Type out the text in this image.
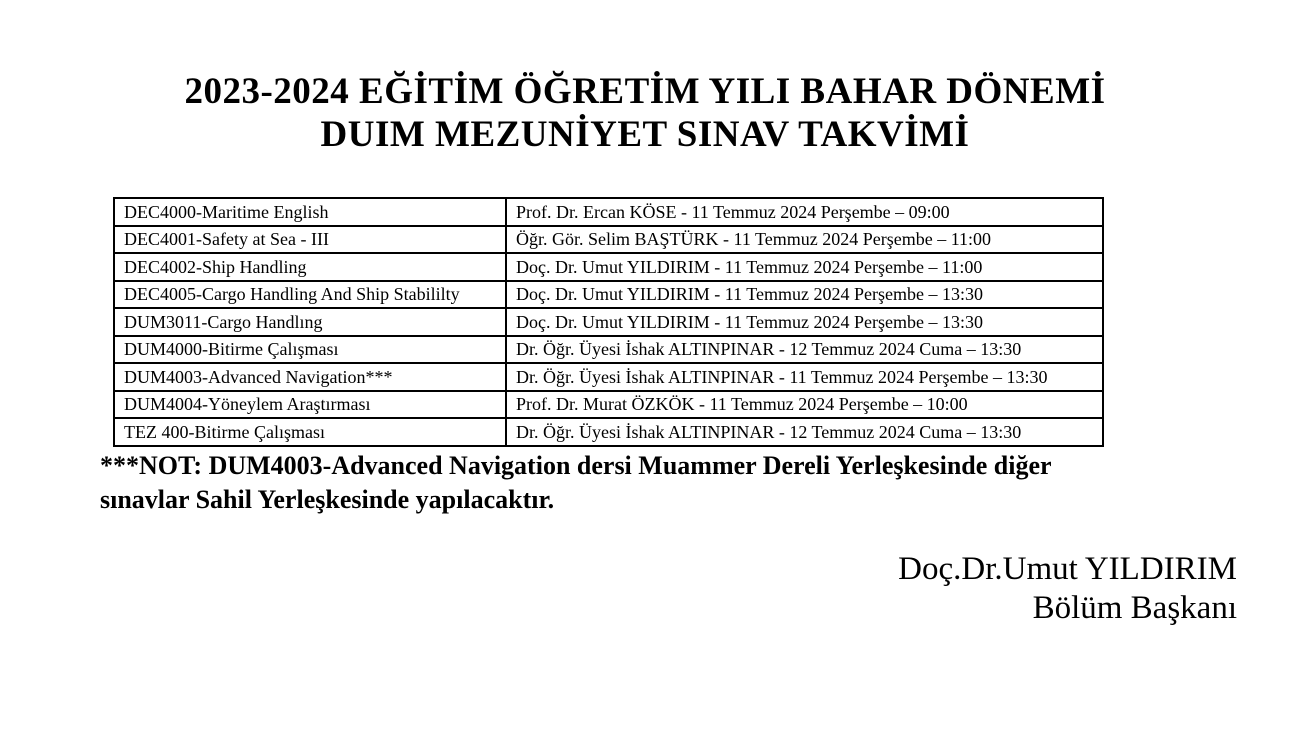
2023-2024 EĞİTİM ÖĞRETİM YILI BAHAR DÖNEMİ
DUIM MEZUNİYET SINAV TAKVİMİ
DEC4000-Maritime English	Prof. Dr. Ercan KÖSE - 11 Temmuz 2024 Perşembe – 09:00
DEC4001-Safety at Sea - III	Öğr. Gör. Selim BAŞTÜRK - 11 Temmuz 2024 Perşembe – 11:00
DEC4002-Ship Handling	Doç. Dr. Umut YILDIRIM - 11 Temmuz 2024 Perşembe – 11:00
DEC4005-Cargo Handling And Ship Stabililty	Doç. Dr. Umut YILDIRIM - 11 Temmuz 2024 Perşembe – 13:30
DUM3011-Cargo Handlıng	Doç. Dr. Umut YILDIRIM - 11 Temmuz 2024 Perşembe – 13:30
DUM4000-Bitirme Çalışması	Dr. Öğr. Üyesi İshak ALTINPINAR - 12 Temmuz 2024 Cuma – 13:30
DUM4003-Advanced Navigation***	Dr. Öğr. Üyesi İshak ALTINPINAR - 11 Temmuz 2024 Perşembe – 13:30
DUM4004-Yöneylem Araştırması	Prof. Dr. Murat ÖZKÖK - 11 Temmuz 2024 Perşembe – 10:00
TEZ 400-Bitirme Çalışması	Dr. Öğr. Üyesi İshak ALTINPINAR - 12 Temmuz 2024 Cuma – 13:30
***NOT: DUM4003-Advanced Navigation dersi Muammer Dereli Yerleşkesinde diğer
sınavlar Sahil Yerleşkesinde yapılacaktır.
Doç.Dr.Umut YILDIRIM
Bölüm Başkanı
